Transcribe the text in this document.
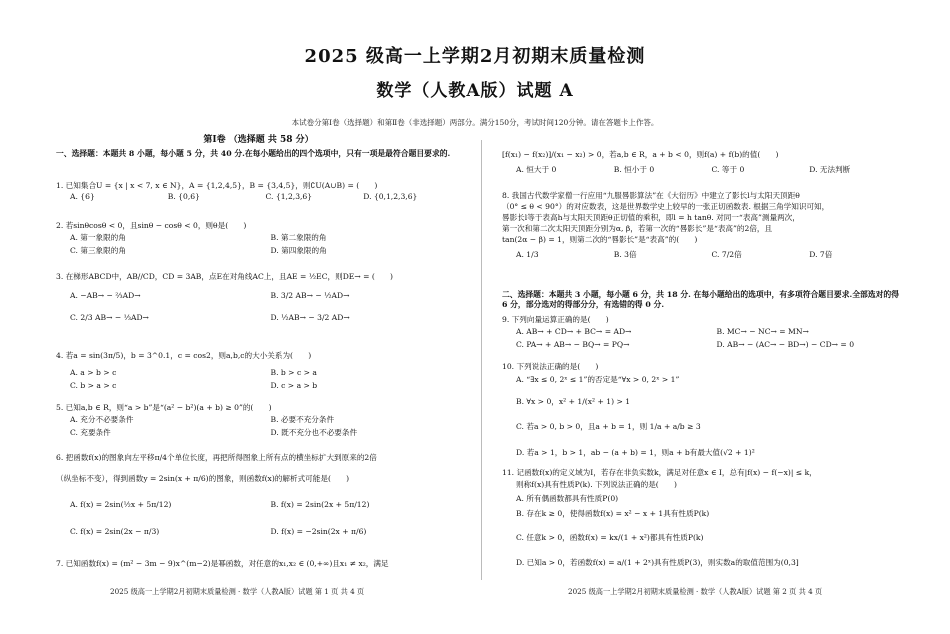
2025 级高一上学期2月初期末质量检测
数学（人教A版）试题 A
本试卷分第Ⅰ卷（选择题）和第Ⅱ卷（非选择题）两部分。满分150分，考试时间120分钟。请在答题卡上作答。
第Ⅰ卷 （选择题 共 58 分）
一、选择题：本题共 8 小题，每小题 5 分，共 40 分.在每小题给出的四个选项中，只有一项是最符合题目要求的.
1. 已知集合U = {x | x < 7, x ∈ N}，A = {1,2,4,5}，B = {3,4,5}，则∁U(A∪B) = (　　)
A. {6}	B. {0,6}	C. {1,2,3,6}	D. {0,1,2,3,6}
2. 若sinθcosθ < 0，且sinθ − cosθ < 0，则θ是(　　)
A. 第一象限的角	B. 第二象限的角
C. 第三象限的角	D. 第四象限的角
3. 在梯形ABCD中，AB//CD，CD = 3AB，点E在对角线AC上，且AE = ½EC，则DE→ = (　　)
A. −AB→ − ⅔AD→	B. 3/2 AB→ − ½AD→
C. 2/3 AB→ − ⅓AD→	D. ½AB→ − 3/2 AD→
4. 若a = sin(3π/5)，b = 3^0.1，c = cos2，则a,b,c的大小关系为(　　)
A. a > b > c	B. b > c > a
C. b > a > c	D. c > a > b
5. 已知a,b ∈ R，则“a > b”是“(a² − b²)(a + b) ≥ 0”的(　　)
A. 充分不必要条件	B. 必要不充分条件
C. 充要条件	D. 既不充分也不必要条件
6. 把函数f(x)的图象向左平移π/4个单位长度，再把所得图象上所有点的横坐标扩大到原来的2倍
（纵坐标不变），得到函数y = 2sin(x + π/6)的图象，则函数f(x)的解析式可能是(　　)
A. f(x) = 2sin(½x + 5π/12)	B. f(x) = 2sin(2x + 5π/12)
C. f(x) = 2sin(2x − π/3)	D. f(x) = −2sin(2x + π/6)
7. 已知函数f(x) = (m² − 3m − 9)x^(m−2)是幂函数，对任意的x₁,x₂ ∈ (0,+∞)且x₁ ≠ x₂，满足
2025 级高一上学期2月初期末质量检测 · 数学（人教A版）试题 第 1 页 共 4 页
[f(x₁) − f(x₂)]/(x₁ − x₂) > 0，若a,b ∈ R，a + b < 0，则f(a) + f(b)的值(　　)
A. 恒大于 0	B. 恒小于 0	C. 等于 0	D. 无法判断
8. 我国古代数学家僧一行应用“九服晷影算法”在《大衍历》中建立了影长l与太阳天顶距θ
（0° ≤ θ < 90°）的对应数表，这是世界数学史上较早的一张正切函数表. 根据三角学知识可知，
晷影长l等于表高h与太阳天顶距θ正切值的乘积，即l = h tanθ. 对同一“表高”测量两次，
第一次和第二次太阳天顶距分别为α, β，若第一次的“晷影长”是“表高”的2倍，且
tan(2α − β) = 1，则第二次的“晷影长”是“表高”的(　　)
A. 1/3	B. 3倍	C. 7/2倍	D. 7倍
二、选择题：本题共 3 小题，每小题 6 分，共 18 分. 在每小题给出的选项中，有多项符合题目要求.全部选对的得 6 分，部分选对的得部分分，有选错的得 0 分.
9. 下列向量运算正确的是(　　)
A. AB→ + CD→ + BC→ = AD→	B. MC→ − NC→ = MN→
C. PA→ + AB→ − BQ→ = PQ→	D. AB→ − (AC→ − BD→) − CD→ = 0
10. 下列说法正确的是(　　)
A. “∃x ≤ 0, 2ˣ ≤ 1”的否定是“∀x > 0, 2ˣ > 1”
B. ∀x > 0，x² + 1/(x² + 1) > 1
C. 若a > 0, b > 0，且a + b = 1，则 1/a + a/b ≥ 3
D. 若a > 1，b > 1，ab − (a + b) = 1，则a + b有最大值(√2 + 1)²
11. 记函数f(x)的定义域为I，若存在非负实数k，满足对任意x ∈ I，总有|f(x) − f(−x)| ≤ k，
则称f(x)具有性质P(k). 下列说法正确的是(　　)
A. 所有偶函数都具有性质P(0)
B. 存在k ≥ 0，使得函数f(x) = x² − x + 1具有性质P(k)
C. 任意k > 0，函数f(x) = kx/(1 + x²)都具有性质P(k)
D. 已知a > 0，若函数f(x) = a/(1 + 2ˣ)具有性质P(3)，则实数a的取值范围为(0,3]
2025 级高一上学期2月初期末质量检测 · 数学（人教A版）试题 第 2 页 共 4 页
